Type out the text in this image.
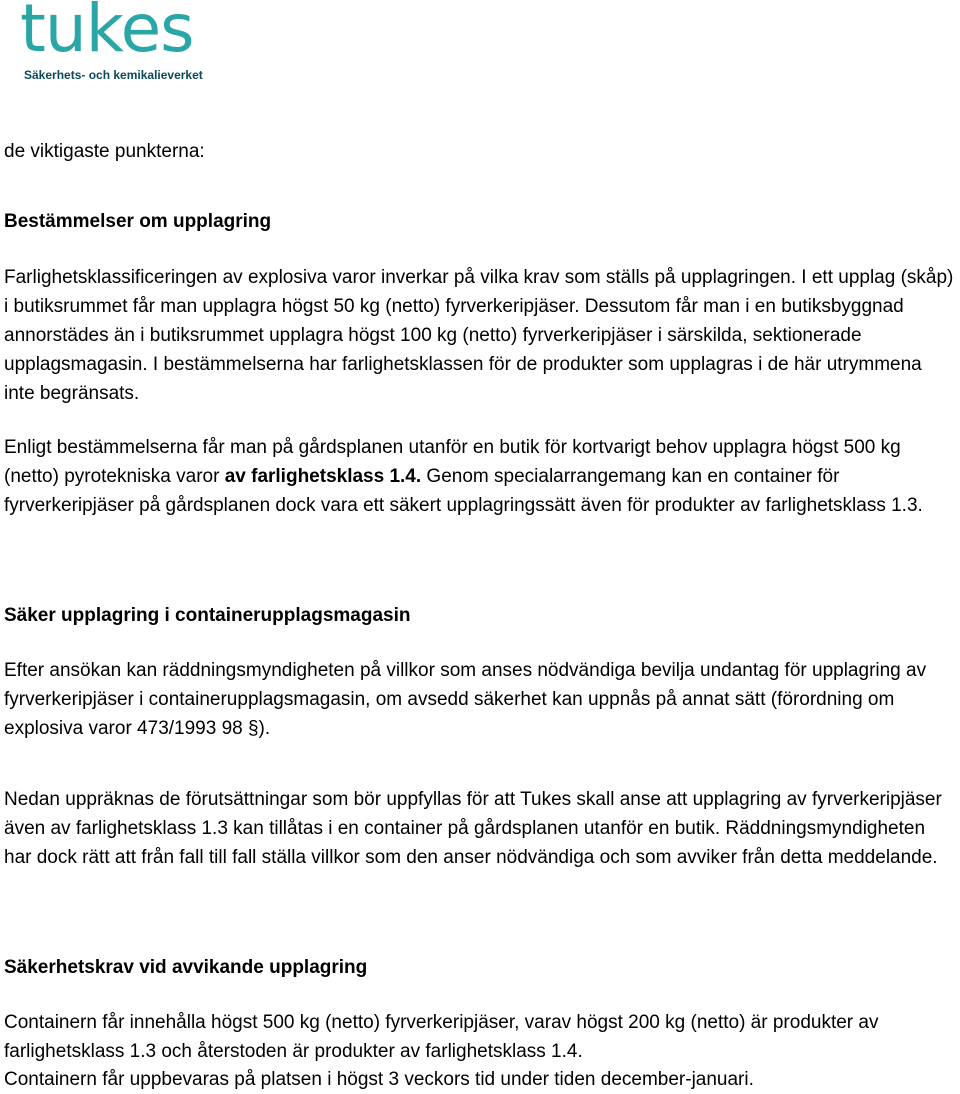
tukes
Säkerhets- och kemikalieverket

de viktigaste punkterna:

Bestämmelser om upplagring

Farlighetsklassificeringen av explosiva varor inverkar på vilka krav som ställs på upplagringen. I ett upplag (skåp) i butiksrummet får man upplagra högst 50 kg (netto) fyrverkeripjäser. Dessutom får man i en butiksbyggnad annorstädes än i butiksrummet upplagra högst 100 kg (netto) fyrverkeripjäser i särskilda, sektionerade upplagsmagasin. I bestämmelserna har farlighetsklassen för de produkter som upplagras i de här utrymmena inte begränsats.

Enligt bestämmelserna får man på gårdsplanen utanför en butik för kortvarigt behov upplagra högst 500 kg (netto) pyrotekniska varor av farlighetsklass 1.4. Genom specialarrangemang kan en container för fyrverkeripjäser på gårdsplanen dock vara ett säkert upplagringssätt även för produkter av farlighetsklass 1.3.

Säker upplagring i containerupplagsmagasin

Efter ansökan kan räddningsmyndigheten på villkor som anses nödvändiga bevilja undantag för upplagring av fyrverkeripjäser i containerupplagsmagasin, om avsedd säkerhet kan uppnås på annat sätt (förordning om explosiva varor 473/1993 98 §).

Nedan uppräknas de förutsättningar som bör uppfyllas för att Tukes skall anse att upplagring av fyrverkeripjäser även av farlighetsklass 1.3 kan tillåtas i en container på gårdsplanen utanför en butik. Räddningsmyndigheten har dock rätt att från fall till fall ställa villkor som den anser nödvändiga och som avviker från detta meddelande.

Säkerhetskrav vid avvikande upplagring

Containern får innehålla högst 500 kg (netto) fyrverkeripjäser, varav högst 200 kg (netto) är produkter av farlighetsklass 1.3 och återstoden är produkter av farlighetsklass 1.4.

Containern får uppbevaras på platsen i högst 3 veckors tid under tiden december-januari.
